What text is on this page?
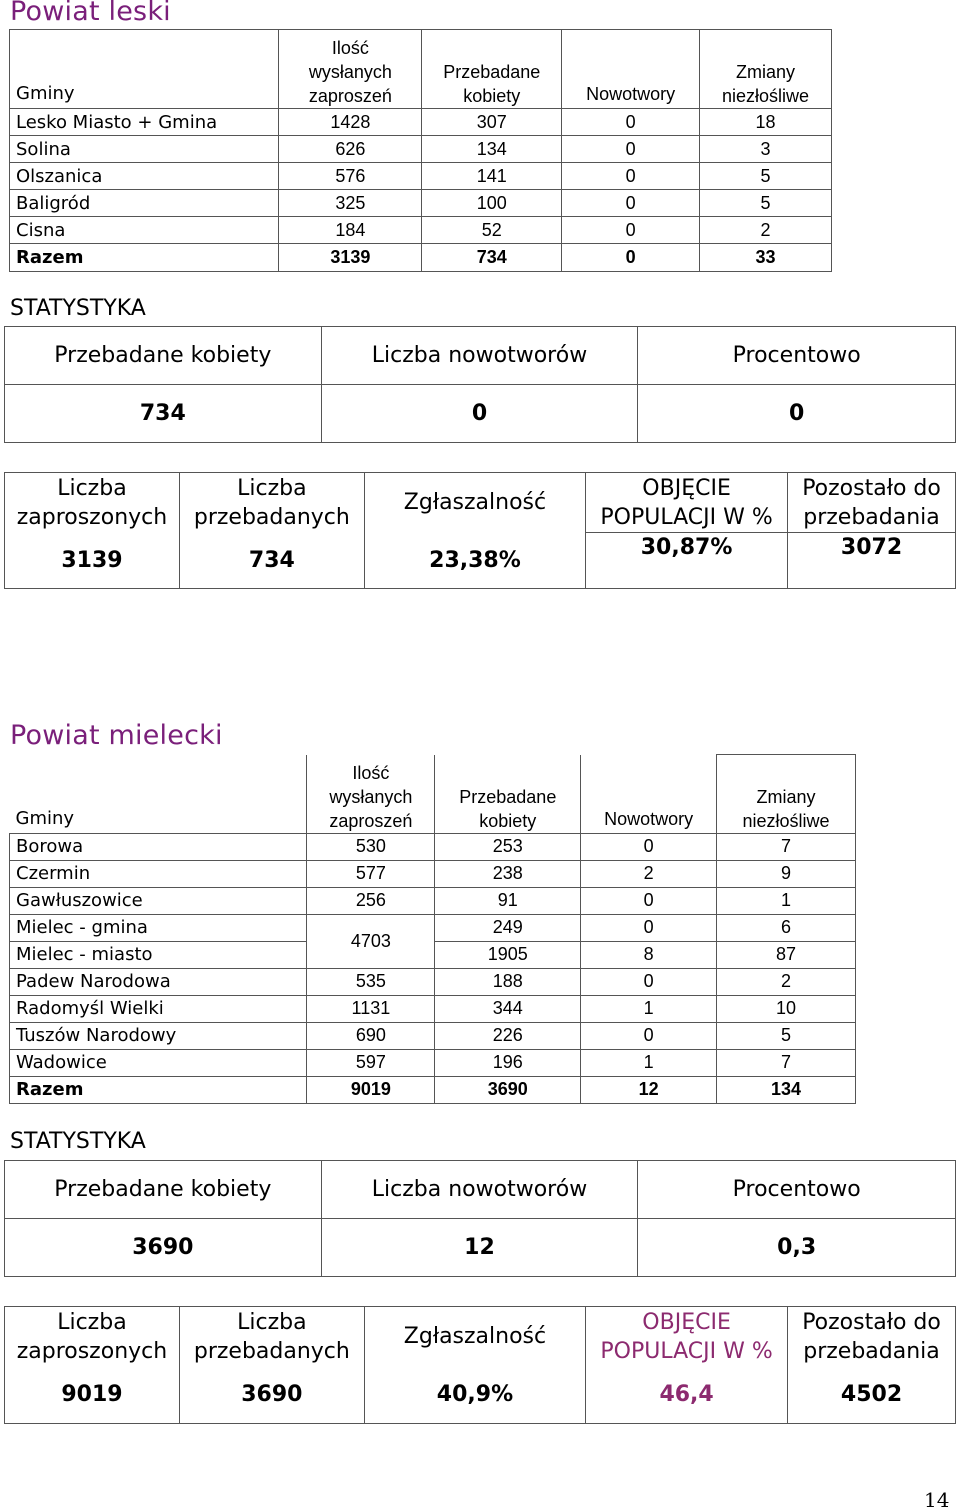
Powiat leski
Gminy	Ilość wysłanych zaproszeń	Przebadane kobiety	Nowotwory	Zmiany niezłośliwe

Lesko Miasto + Gmina	1428	307	0	18
Solina	626	134	0	3
Olszanica	576	141	0	5
Baligród	325	100	0	5
Cisna	184	52	0	2
Razem	3139	734	0	33
STATYSTYKA
Przebadane kobiety	Liczba nowotworów	Procentowo
734	0	0
Liczba zaproszonych	Liczba przebadanych	Zgłaszalność	OBJĘCIE POPULACJI W %	Pozostało do przebadania

3139	734	23,38%	30,87%	3072
Powiat mielecki
Gminy	Ilość wysłanych zaproszeń	Przebadane kobiety	Nowotwory	Zmiany niezłośliwe

Borowa	530	253	0	7
Czermin	577	238	2	9
Gawłuszowice	256	91	0	1
Mielec - gmina	4703	249	0	6
Mielec - miasto		1905	8	87
Padew Narodowa	535	188	0	2
Radomyśl Wielki	1131	344	1	10
Tuszów Narodowy	690	226	0	5
Wadowice	597	196	1	7
Razem	9019	3690	12	134
STATYSTYKA
Przebadane kobiety	Liczba nowotworów	Procentowo
3690	12	0,3
Liczba zaproszonych	Liczba przebadanych	Zgłaszalność	OBJĘCIE POPULACJI W %	Pozostało do przebadania

9019	3690	40,9%	46,4	4502
14
